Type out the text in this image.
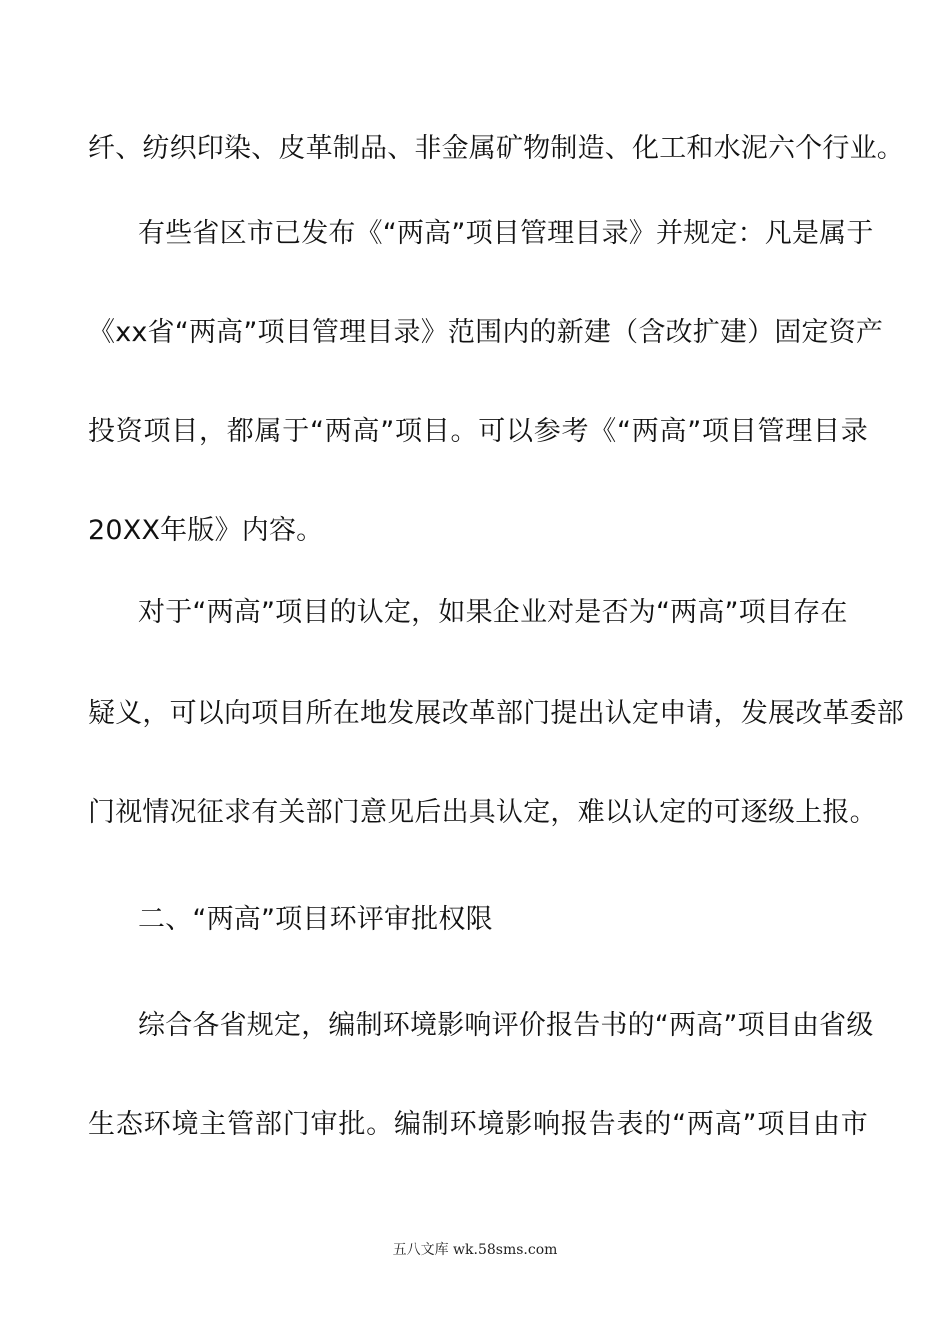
纤、纺织印染、皮革制品、非金属矿物制造、化工和水泥六个行业。
有些省区市已发布《“两高”项目管理目录》并规定：凡是属于
《xx省“两高”项目管理目录》范围内的新建（含改扩建）固定资产
投资项目，都属于“两高”项目。可以参考《“两高”项目管理目录
20XX年版》内容。
对于“两高”项目的认定，如果企业对是否为“两高”项目存在
疑义，可以向项目所在地发展改革部门提出认定申请，发展改革委部
门视情况征求有关部门意见后出具认定，难以认定的可逐级上报。
二、“两高”项目环评审批权限
综合各省规定，编制环境影响评价报告书的“两高”项目由省级
生态环境主管部门审批。编制环境影响报告表的“两高”项目由市
五八文库 wk.58sms.com
